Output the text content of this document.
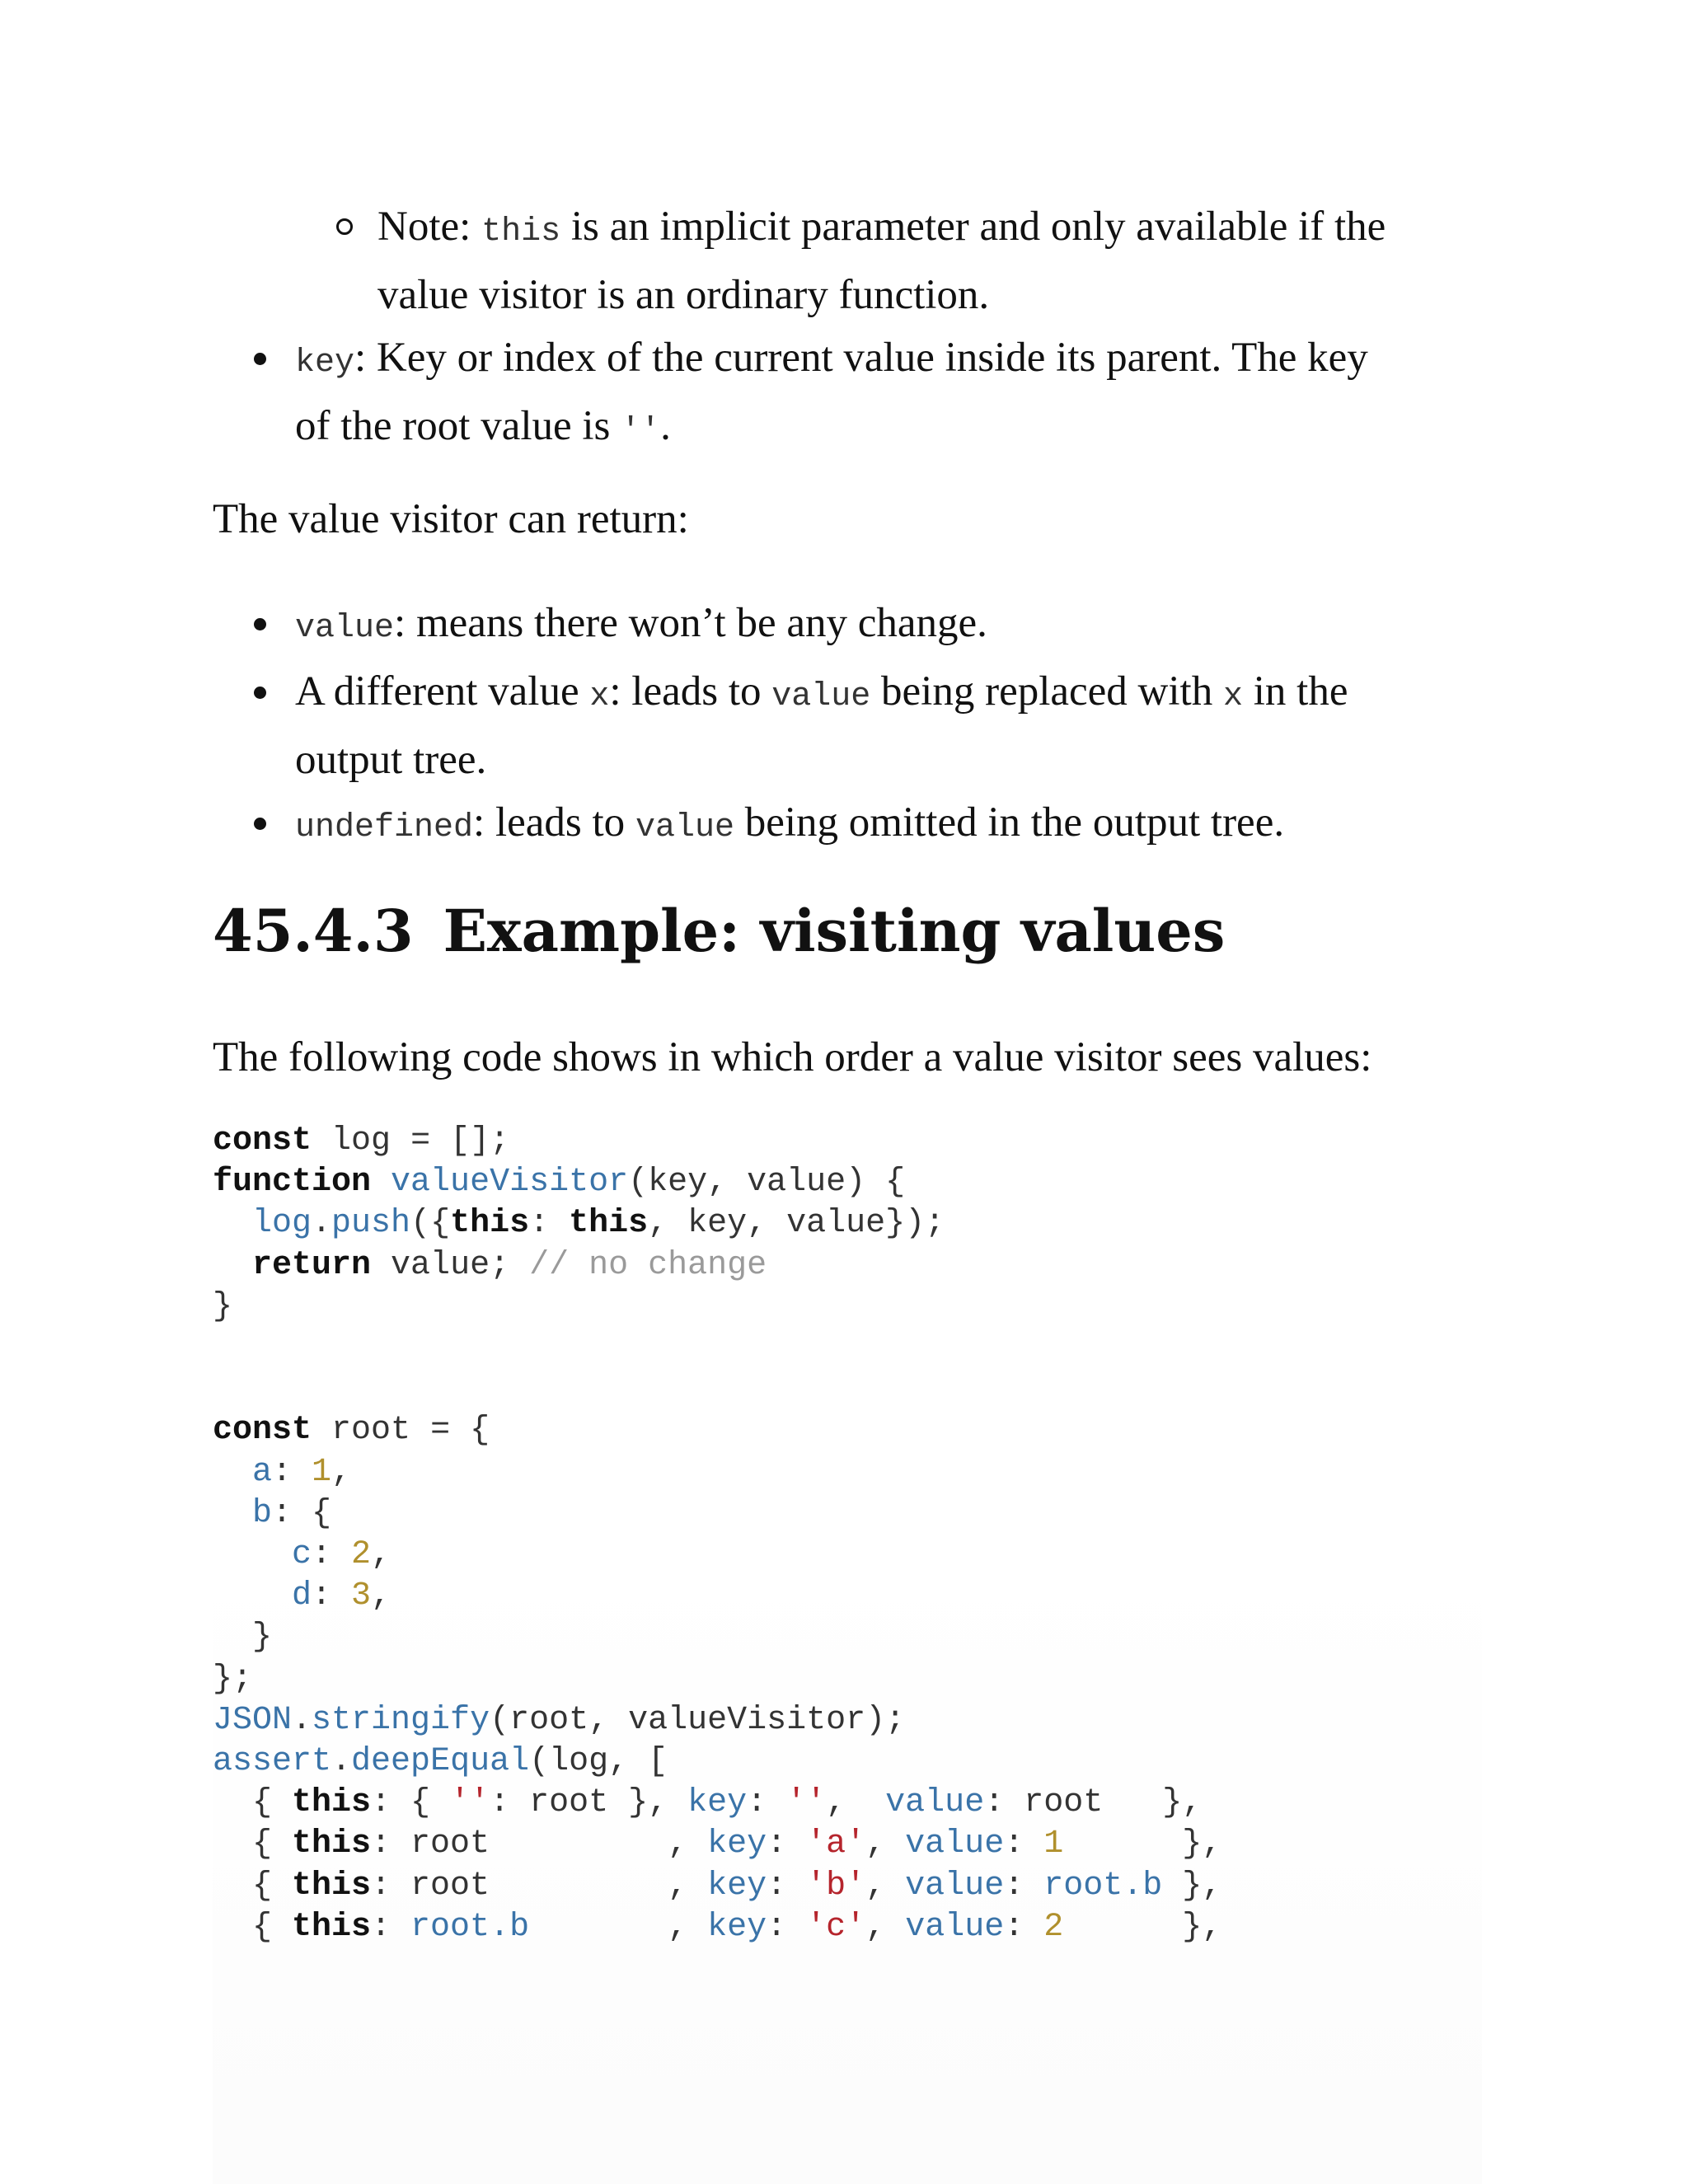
Note: this is an implicit parameter and only available if the
value visitor is an ordinary function.
key: Key or index of the current value inside its parent. The key
of the root value is ''.

The value visitor can return:

value: means there won’t be any change.
A different value x: leads to value being replaced with x in the
output tree.
undefined: leads to value being omitted in the output tree.
45.4.3 Example: visiting values

The following code shows in which order a value visitor sees values:

const log = [];
function valueVisitor(key, value) {
log.push({this: this, key, value});
return value; // no change
}

const root = {
a: 1,
b: {
c: 2,
d: 3,
}
};
JSON.stringify(root, valueVisitor);
assert.deepEqual(log, [
{ this: { '': root }, key: '',  value: root   },
{ this: root         , key: 'a', value: 1	},
{ this: root         , key: 'b', value: root.b },
{ this: root.b       , key: 'c', value: 2      },
